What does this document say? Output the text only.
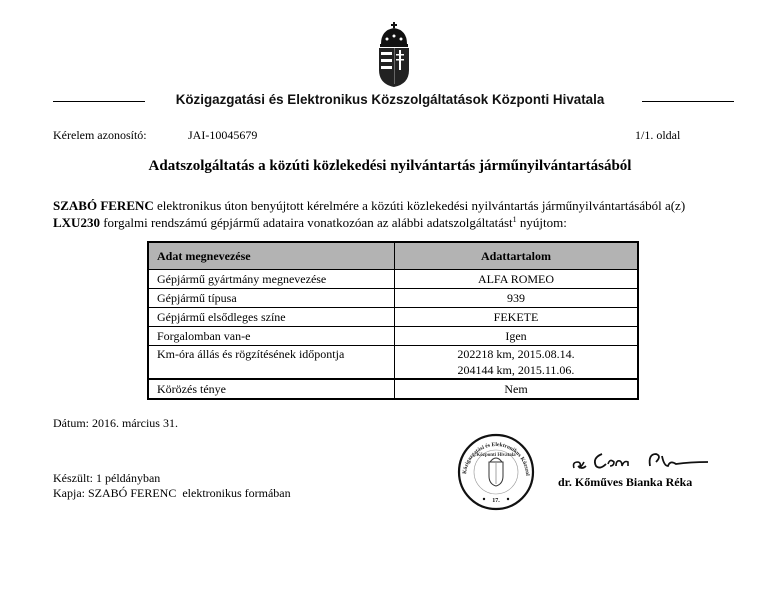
Közigazgatási és Elektronikus Közszolgáltatások Központi Hivatala
Kérelem azonosító:	JAI-10045679	1/1. oldal
Adatszolgáltatás a közúti közlekedési nyilvántartás járműnyilvántartásából
SZABÓ FERENC elektronikus úton benyújtott kérelmére a közúti közlekedési nyilvántartás járműnyilvántartásából a(z)
LXU230 forgalmi rendszámú gépjármű adataira vonatkozóan az alábbi adatszolgáltatást$^1$ nyújtom:
Adat megnevezése	Adattartalom
Gépjármű gyártmány megnevezése	ALFA ROMEO
Gépjármű típusa	939
Gépjármű elsődleges színe	FEKETE
Forgalomban van-e	Igen
Km-óra állás és rögzítésének időpontja	202218 km, 2015.08.14.
204144 km, 2015.11.06.

Körözés ténye	Nem
Dátum: 2016. március 31.
Készült: 1 példányban
Kapja: SZABÓ FERENC  elektronikus formában
Közigazgatási és Elektronikus Közszol
Központi Hivatala
17.
dr. Kőműves Bianka Réka
